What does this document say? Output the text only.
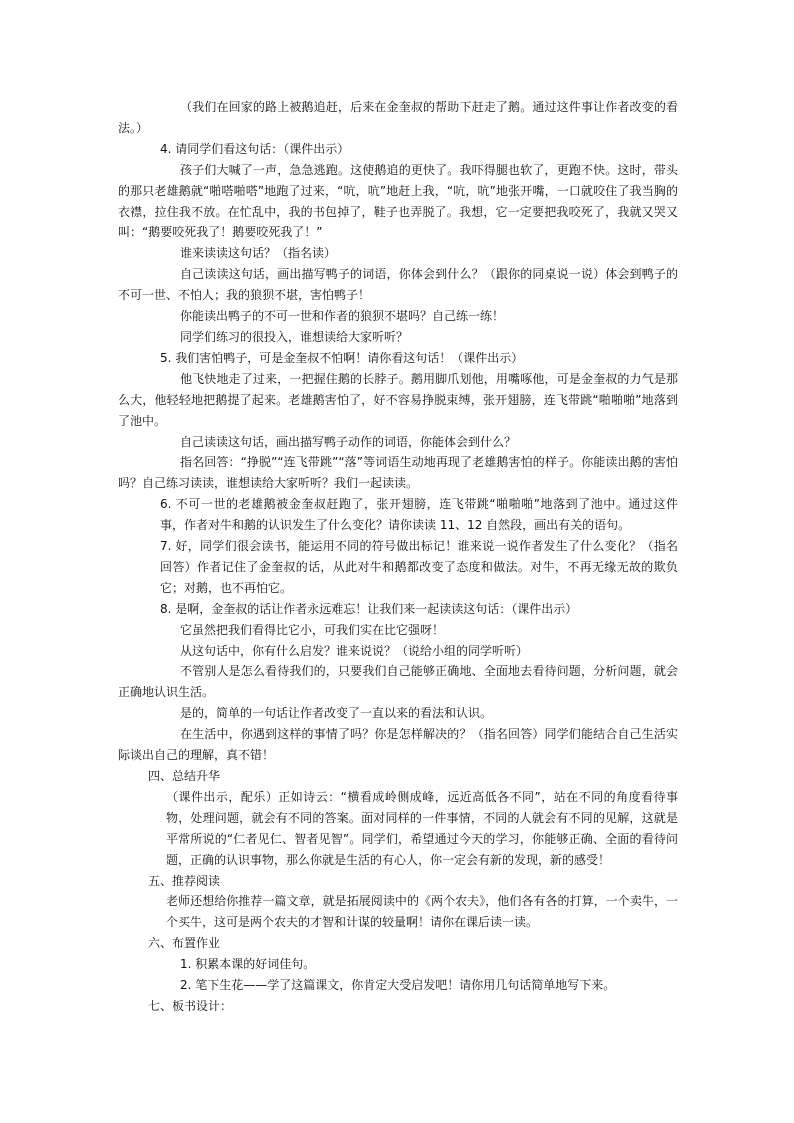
（我们在回家的路上被鹅追赶，后来在金奎叔的帮助下赶走了鹅。通过这件事让作者改变的看法。）

4. 请同学们看这句话：（课件出示）

孩子们大喊了一声，急急逃跑。这使鹅追的更快了。我吓得腿也软了，更跑不快。这时，带头的那只老雄鹅就“啪嗒啪嗒”地跑了过来，“吭，吭”地赶上我，“吭，吭”地张开嘴，一口就咬住了我当胸的衣襟，拉住我不放。在忙乱中，我的书包掉了，鞋子也弄脱了。我想，它一定要把我咬死了，我就又哭又叫：“鹅要咬死我了！鹅要咬死我了！”

谁来读读这句话？（指名读）

自己读读这句话，画出描写鸭子的词语，你体会到什么？（跟你的同桌说一说）体会到鸭子的不可一世、不怕人；我的狼狈不堪，害怕鸭子！

你能读出鸭子的不可一世和作者的狼狈不堪吗？自己练一练！

同学们练习的很投入，谁想读给大家听听？

5. 我们害怕鸭子，可是金奎叔不怕啊！请你看这句话！（课件出示）

他飞快地走了过来，一把握住鹅的长脖子。鹅用脚爪划他，用嘴啄他，可是金奎叔的力气是那么大，他轻轻地把鹅提了起来。老雄鹅害怕了，好不容易挣脱束缚，张开翅膀，连飞带跳“啪啪啪”地落到了池中。

自己读读这句话，画出描写鸭子动作的词语，你能体会到什么？

指名回答：“挣脱”“连飞带跳”“落”等词语生动地再现了老雄鹅害怕的样子。你能读出鹅的害怕吗？自己练习读读，谁想读给大家听听？我们一起读读。

6. 不可一世的老雄鹅被金奎叔赶跑了，张开翅膀，连飞带跳“啪啪啪”地落到了池中。通过这件事，作者对牛和鹅的认识发生了什么变化？请你读读 11、12 自然段，画出有关的语句。

7. 好，同学们很会读书，能运用不同的符号做出标记！谁来说一说作者发生了什么变化？（指名回答）作者记住了金奎叔的话，从此对牛和鹅都改变了态度和做法。对牛，不再无缘无故的欺负它；对鹅，也不再怕它。

8. 是啊，金奎叔的话让作者永远难忘！让我们来一起读读这句话：（课件出示）

它虽然把我们看得比它小，可我们实在比它强呀！

从这句话中，你有什么启发？谁来说说？（说给小组的同学听听）

不管别人是怎么看待我们的，只要我们自己能够正确地、全面地去看待问题，分析问题，就会正确地认识生活。

是的，简单的一句话让作者改变了一直以来的看法和认识。

在生活中，你遇到这样的事情了吗？你是怎样解决的？（指名回答）同学们能结合自己生活实际谈出自己的理解，真不错！

四、总结升华

（课件出示，配乐）正如诗云：“横看成岭侧成峰，远近高低各不同”，站在不同的角度看待事物，处理问题，就会有不同的答案。面对同样的一件事情，不同的人就会有不同的见解，这就是平常所说的“仁者见仁、智者见智”。同学们，希望通过今天的学习，你能够正确、全面的看待问题，正确的认识事物，那么你就是生活的有心人，你一定会有新的发现，新的感受！

五、推荐阅读

老师还想给你推荐一篇文章，就是拓展阅读中的《两个农夫》，他们各有各的打算，一个卖牛，一个买牛，这可是两个农夫的才智和计谋的较量啊！请你在课后读一读。

六、布置作业

1. 积累本课的好词佳句。

2. 笔下生花——学了这篇课文，你肯定大受启发吧！请你用几句话简单地写下来。

七、板书设计：
